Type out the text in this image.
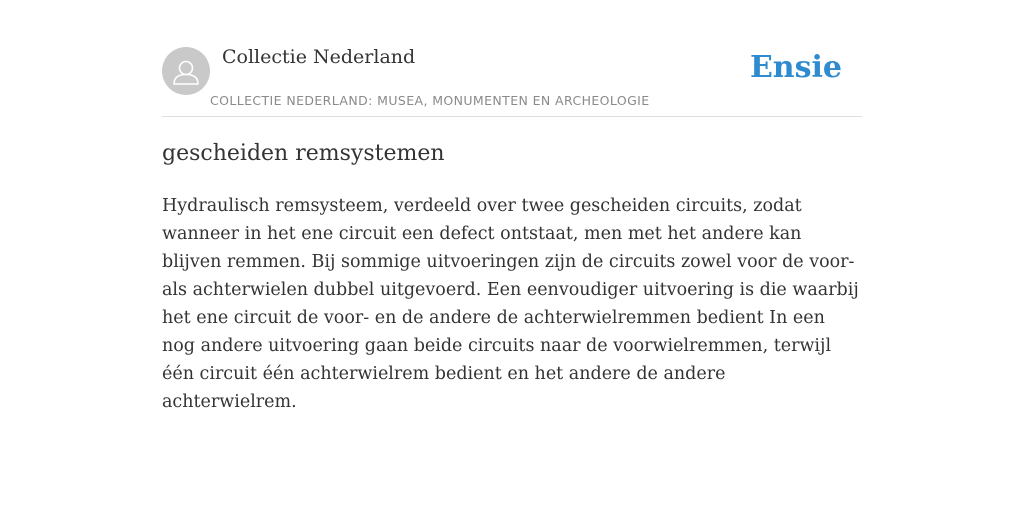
Collectie Nederland
COLLECTIE NEDERLAND: MUSEA, MONUMENTEN EN ARCHEOLOGIE
Ensie
gescheiden remsystemen

Hydraulisch remsysteem, verdeeld over twee gescheiden circuits, zodat wanneer in het ene circuit een defect ontstaat, men met het andere kan blijven remmen. Bij sommige uitvoeringen zijn de circuits zowel voor de voor- als achterwielen dubbel uitgevoerd. Een eenvoudiger uitvoering is die waarbij het ene circuit de voor- en de andere de achterwielremmen bedient In een nog andere uitvoering gaan beide circuits naar de voorwielremmen, terwijl één circuit één achterwielrem bedient en het andere de andere achterwielrem.
